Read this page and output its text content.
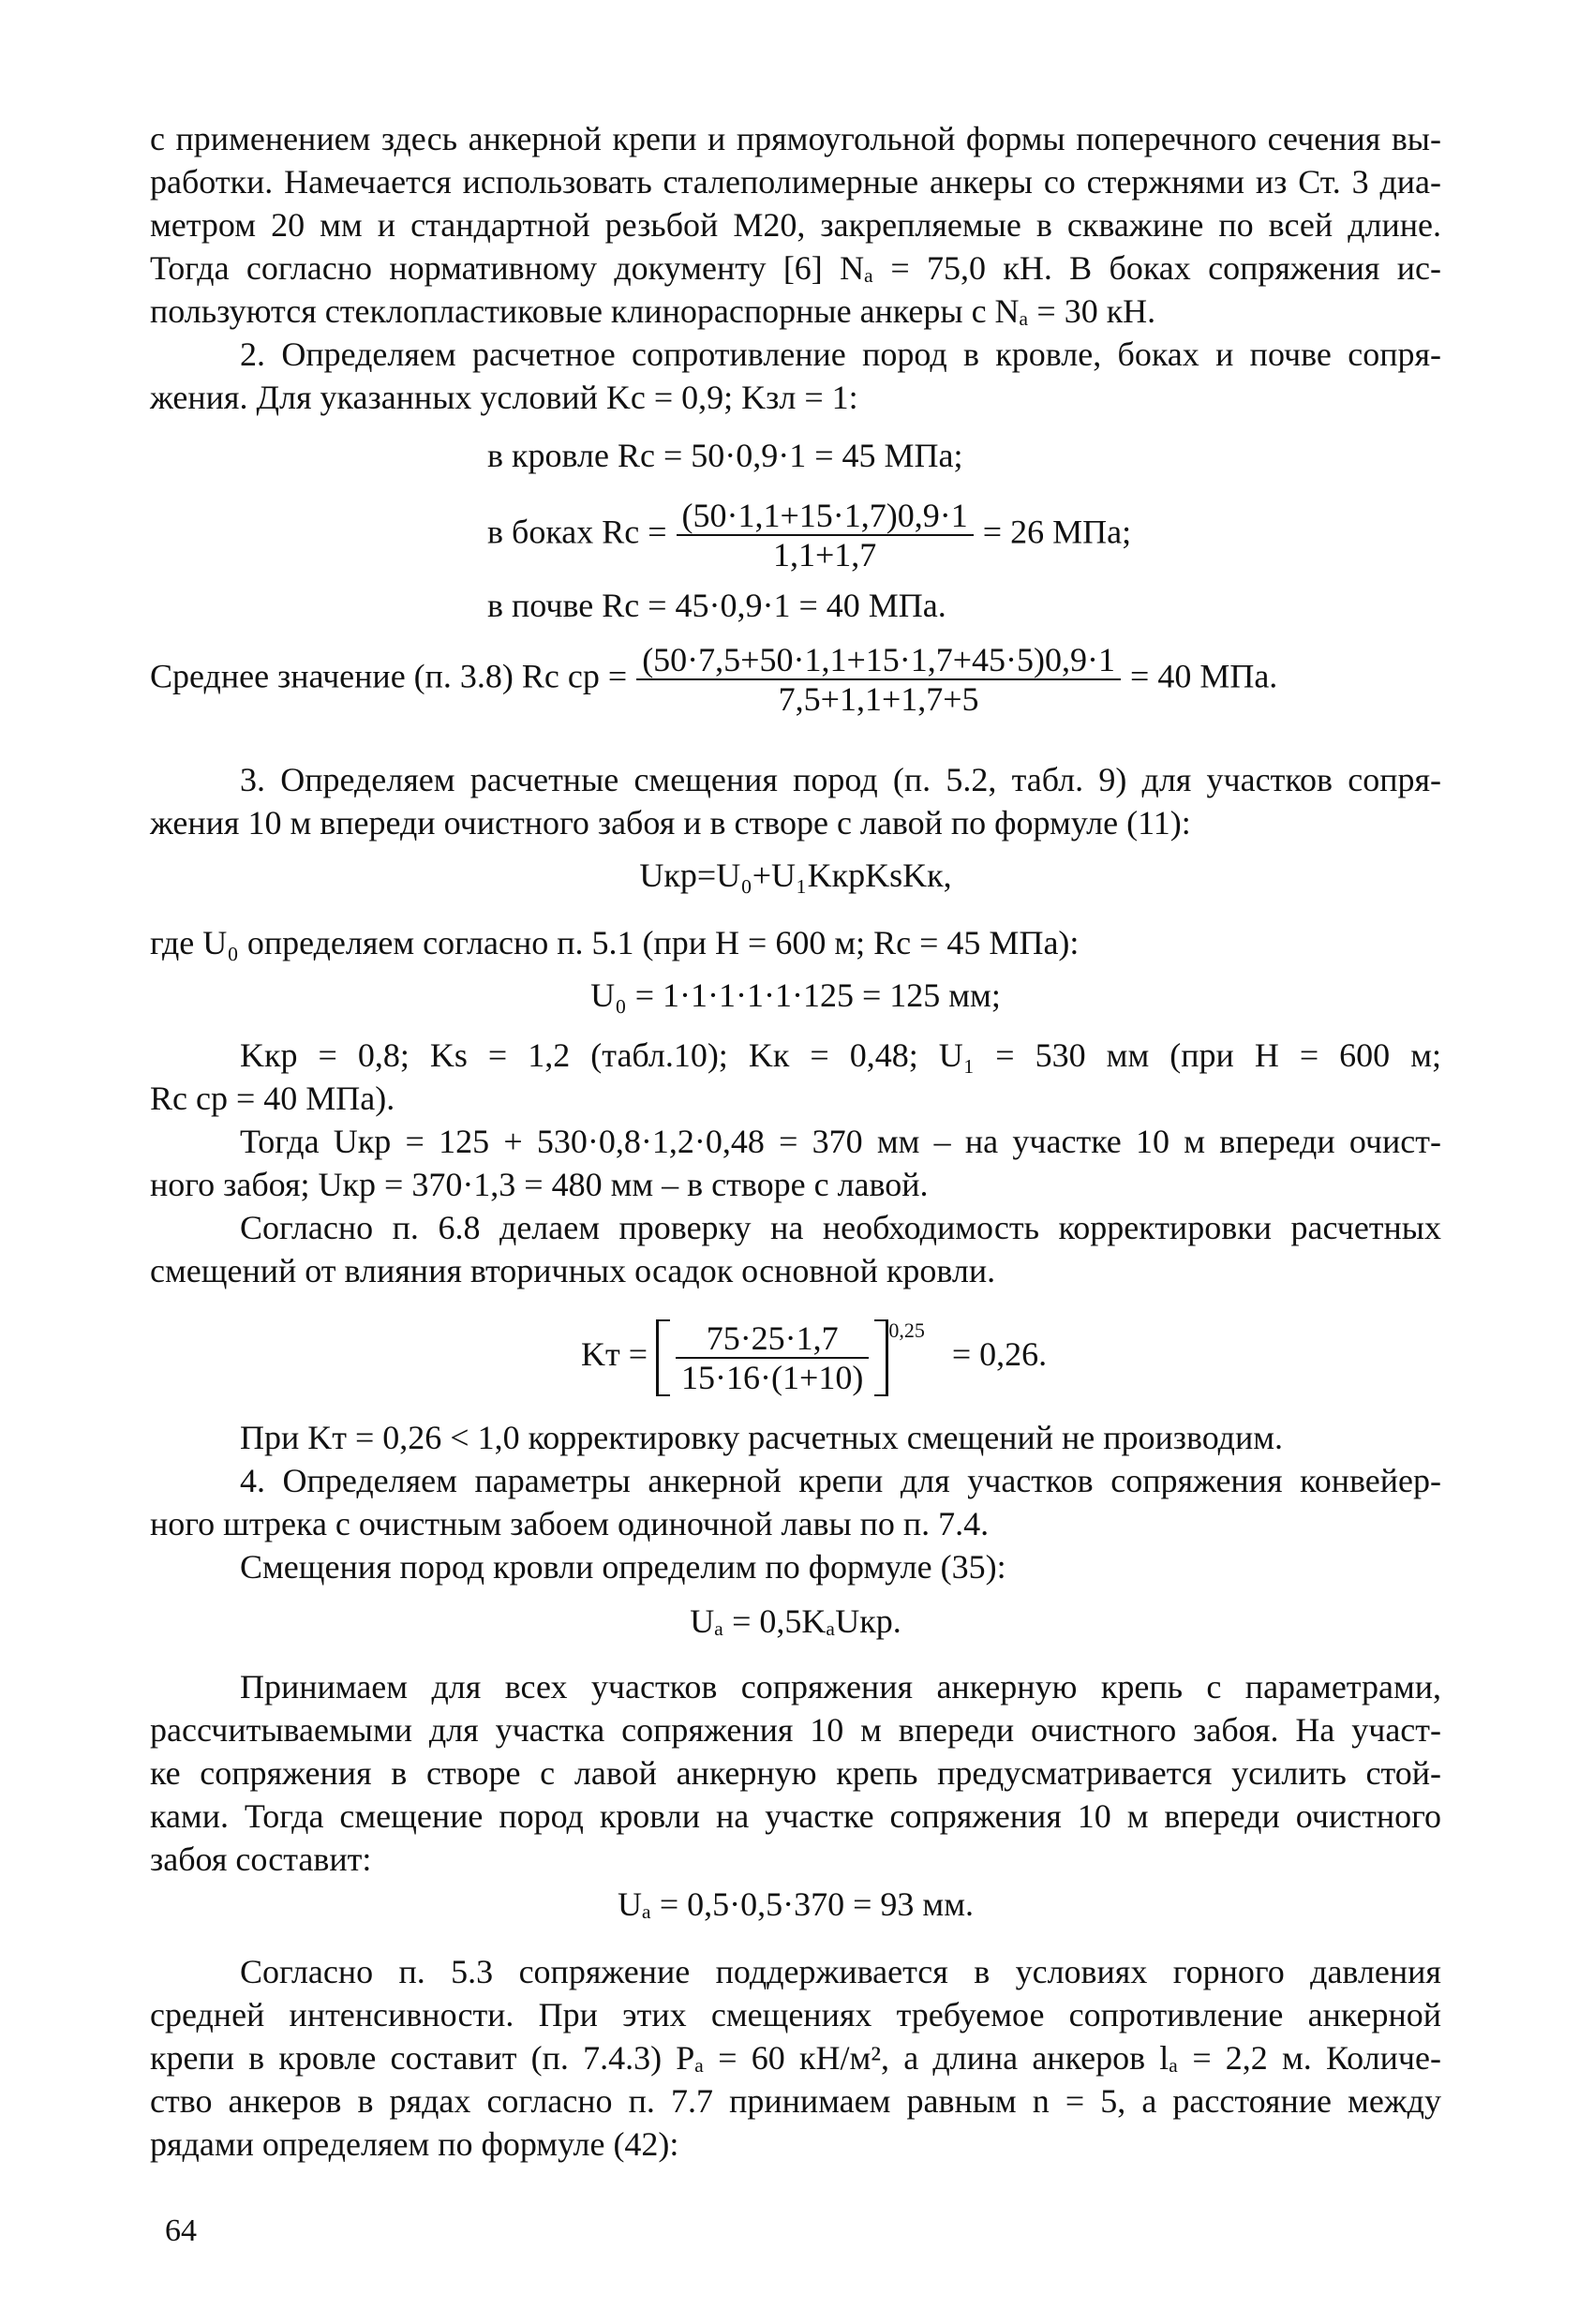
с применением здесь анкерной крепи и прямоугольной формы поперечного сечения вы-
работки. Намечается использовать сталеполимерные анкеры со стержнями из Ст. 3 диа-
метром 20 мм и стандартной резьбой М20, закрепляемые в скважине по всей длине.
Тогда согласно нормативному документу [6] Nₐ = 75,0 кН. В боках сопряжения ис-
пользуются стеклопластиковые клинораспорные анкеры с Nₐ = 30 кН.
2. Определяем расчетное сопротивление пород в кровле, боках и почве сопря-
жения. Для указанных условий Kс = 0,9; Kзл = 1:
в кровле Rс = 50·0,9·1 = 45 МПа;
в боках Rс = $\frac{(50\cdot 1,1+15\cdot 1,7)0,9\cdot 1}{1,1+1,7} = 26$ МПа;
в почве Rс = 45·0,9·1 = 40 МПа.
Среднее значение (п. 3.8) Rс ср = $\frac{(50\cdot 7,5+50\cdot 1,1+15\cdot 1,7+45\cdot 5)0,9\cdot 1}{7,5+1,1+1,7+5} = 40$ МПа.
3. Определяем расчетные смещения пород (п. 5.2, табл. 9) для участков сопря-
жения 10 м впереди очистного забоя и в створе с лавой по формуле (11):
Uкр=U₀+U₁KкрKsKк,
где U₀ определяем согласно п. 5.1 (при H = 600 м; Rс = 45 МПа):
U₀ = 1·1·1·1·1·125 = 125 мм;
Kкр = 0,8; Ks = 1,2 (табл.10); Kк = 0,48; U₁ = 530 мм (при H = 600 м;
Rс ср = 40 МПа).
Тогда Uкр = 125 + 530·0,8·1,2·0,48 = 370 мм – на участке 10 м впереди очист-
ного забоя; Uкр = 370·1,3 = 480 мм – в створе с лавой.
Согласно п. 6.8 делаем проверку на необходимость корректировки расчетных
смещений от влияния вторичных осадок основной кровли.
Kт = $\frac{75\cdot 25\cdot 1,7}{15\cdot 16\cdot(1+10)} ^{0,25} = 0,26$.
При Kт = 0,26 < 1,0 корректировку расчетных смещений не производим.
4. Определяем параметры анкерной крепи для участков сопряжения конвейер-
ного штрека с очистным забоем одиночной лавы по п. 7.4.
Смещения пород кровли определим по формуле (35):
Uₐ = 0,5KₐUкр.
Принимаем для всех участков сопряжения анкерную крепь с параметрами,
рассчитываемыми для участка сопряжения 10 м впереди очистного забоя. На участ-
ке сопряжения в створе с лавой анкерную крепь предусматривается усилить стой-
ками. Тогда смещение пород кровли на участке сопряжения 10 м впереди очистного
забоя составит:
Uₐ = 0,5·0,5·370 = 93 мм.
Согласно п. 5.3 сопряжение поддерживается в условиях горного давления
средней интенсивности. При этих смещениях требуемое сопротивление анкерной
крепи в кровле составит (п. 7.4.3) Pₐ = 60 кН/м², а длина анкеров lₐ = 2,2 м. Количе-
ство анкеров в рядах согласно п. 7.7 принимаем равным n = 5, а расстояние между
рядами определяем по формуле (42):
64
